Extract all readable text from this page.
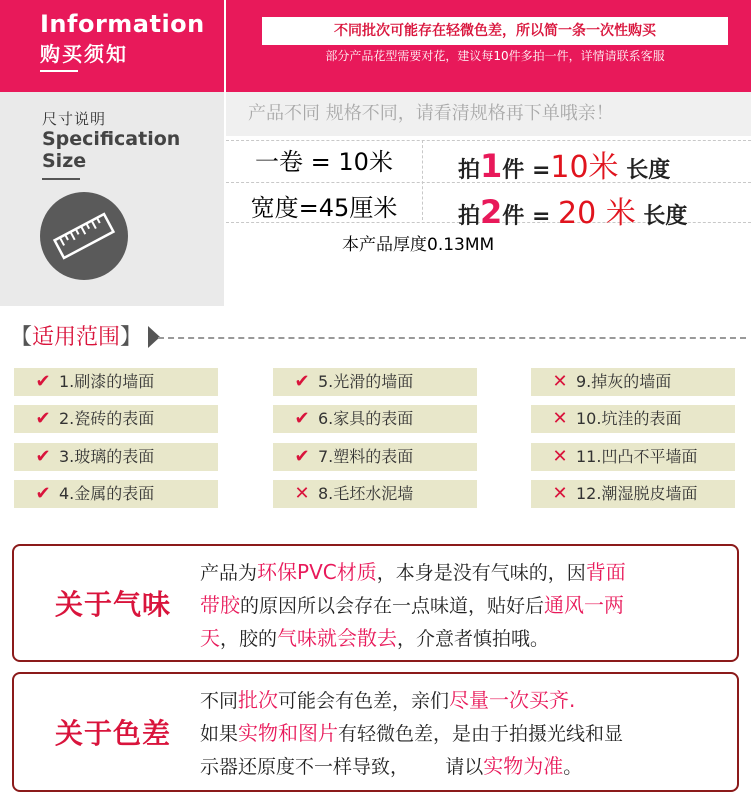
Information
购买须知
不同批次可能存在轻微色差，所以简一条一次性购买
部分产品花型需要对花，建议每10件多拍一件，详情请联系客服
尺寸说明
Specification
Size
产品不同 规格不同，请看清规格再下单哦亲！
一卷 = 10米
宽度=45厘米
拍1件 =10米 长度
拍2件 = 20 米 长度
本产品厚度0.13MM
【适用范围】
✔ 1.刷漆的墙面
✔ 2.瓷砖的表面
✔ 3.玻璃的表面
✔ 4.金属的表面
✔ 5.光滑的墙面
✔ 6.家具的表面
✔ 7.塑料的表面
✕ 8.毛坯水泥墙
✕ 9.掉灰的墙面
✕ 10.坑洼的表面
✕ 11.凹凸不平墙面
✕ 12.潮湿脱皮墙面
关于气味
产品为环保PVC材质，本身是没有气味的，因背面
带胶的原因所以会存在一点味道，贴好后通风一两
天，胶的气味就会散去，介意者慎拍哦。
关于色差
不同批次可能会有色差，亲们尽量一次买齐.
如果实物和图片有轻微色差，是由于拍摄光线和显
示器还原度不一样导致，      请以实物为准。
